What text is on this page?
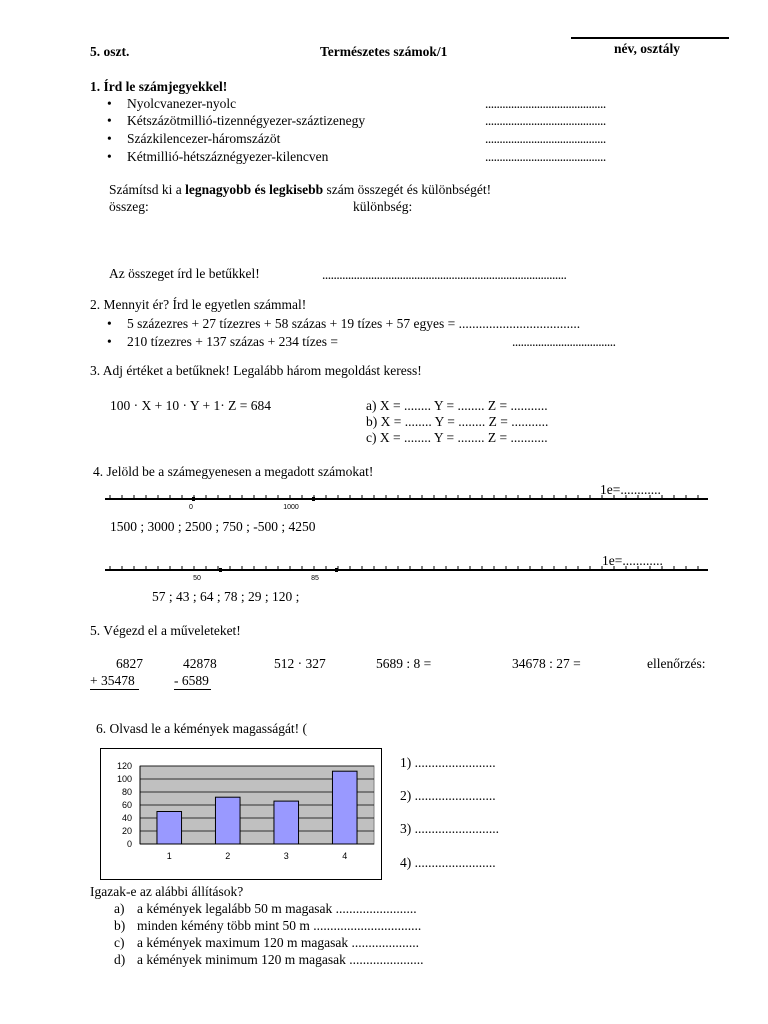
5. oszt.	Természetes számok/1	név, osztály
1. Írd le számjegyekkel!
• Nyolcvanezer-nyolc	..........................................
• Kétszázötmillió-tizennégyezer-száztizenegy	..........................................
• Százkilencezer-háromszázöt	..........................................
• Kétmillió-hétszáznégyezer-kilencven	..........................................
Számítsd ki a legnagyobb és legkisebb szám összegét és különbségét!
összeg:	különbség:
Az összeget írd le betűkkel!	.....................................................................................
2. Mennyit ér? Írd le egyetlen számmal!
• 5 százezres + 27 tízezres + 58 százas + 19 tízes + 57 egyes = ....................................
• 210 tízezres + 137 százas + 234 tízes =	....................................
3. Adj értéket a betűknek! Legalább három megoldást keress!
100 · X + 10 · Y + 1· Z = 684	a) X = ........ Y = ........ Z = ...........
b) X = ........ Y = ........ Z = ...........
c) X = ........ Y = ........ Z = ...........
4. Jelöld be a számegyenesen a megadott számokat!
1e=............
0	1000
1500 ; 3000 ; 2500 ; 750 ; -500 ; 4250
1e=............
50	85
57 ; 43 ; 64 ; 78 ; 29 ; 120 ;
5. Végezd el a műveleteket!
6827
+ 35478
42878
- 6589
512 · 327	5689 : 8 =	34678 : 27 =	ellenőrzés:
6. Olvasd le a kémények magasságát! (
0
20
40
60
80
100
120
1	2	3	4
1) ........................
2) ........................
3) .........................
4) ........................
Igazak-e az alábbi állítások?
a) a kémények legalább 50 m magasak ........................
b) minden kémény több mint 50 m ................................
c) a kémények maximum 120 m magasak ....................
d) a kémények minimum 120 m magasak ......................
